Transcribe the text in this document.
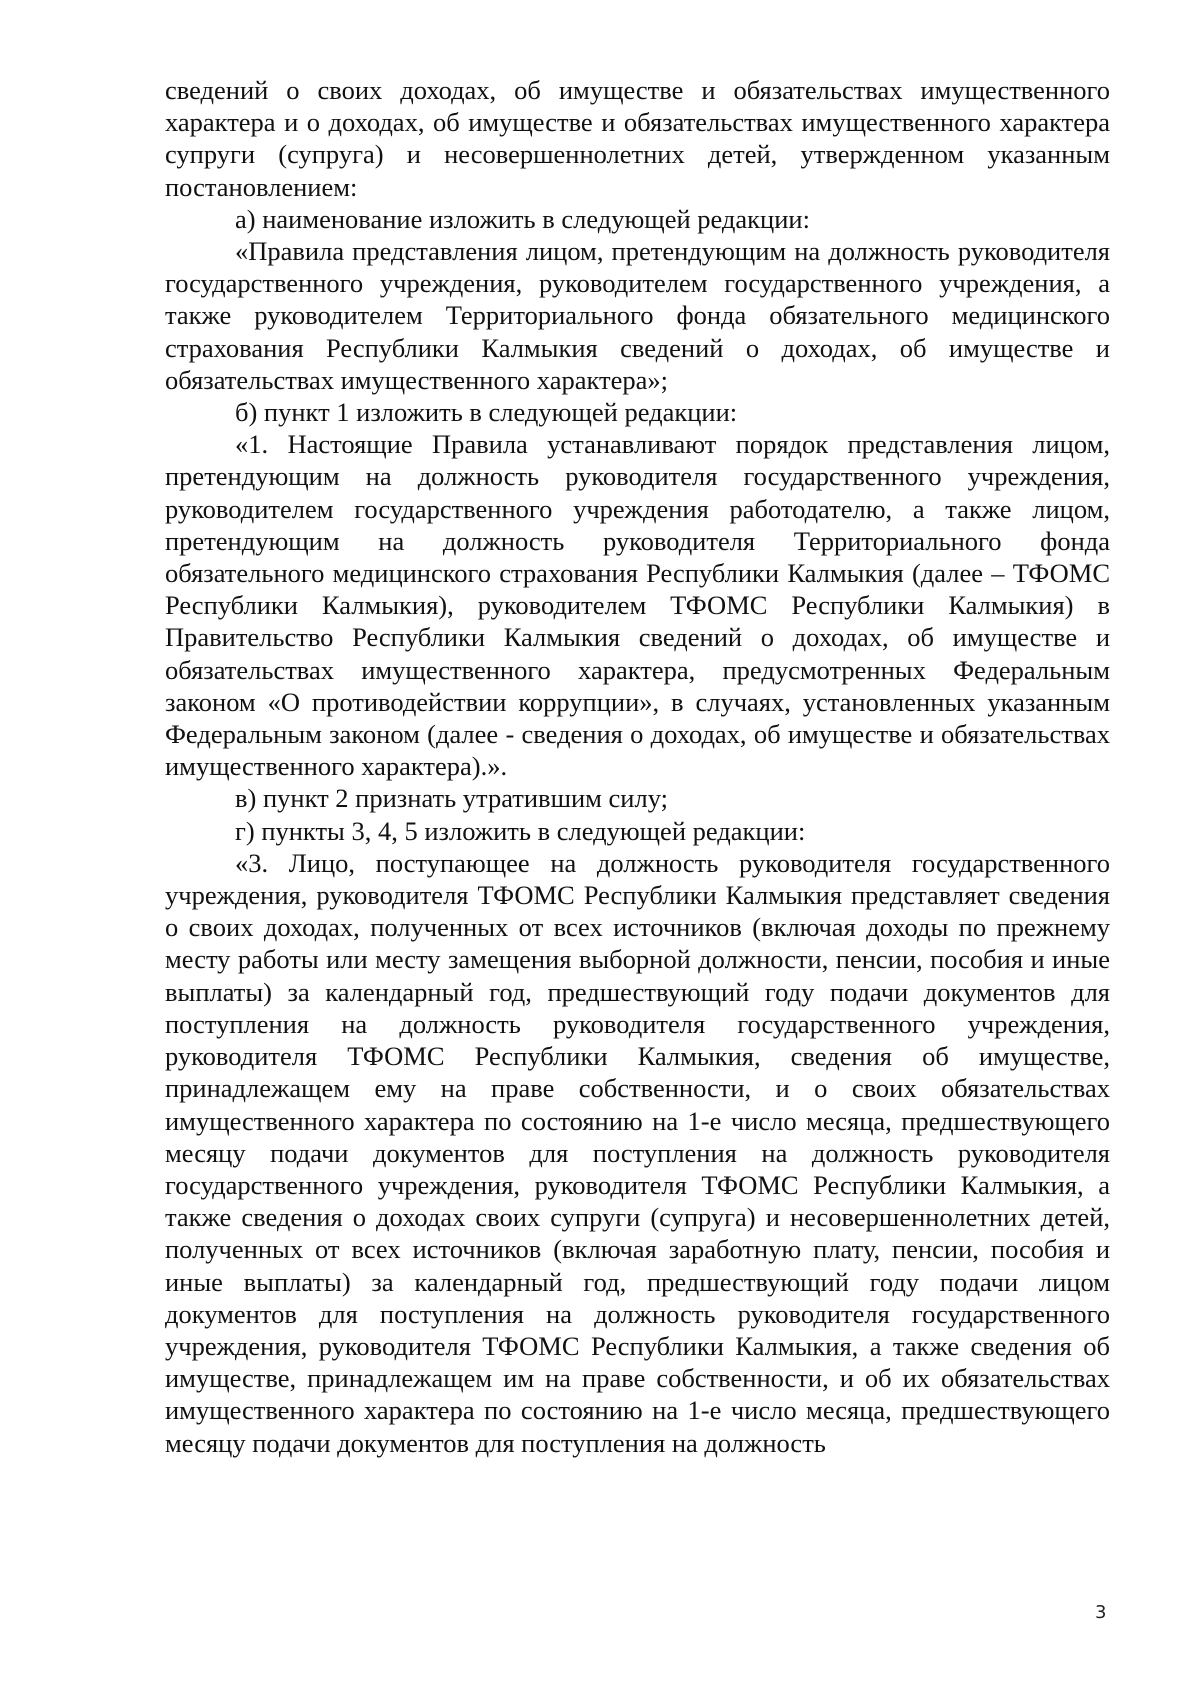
сведений о своих доходах, об имуществе и обязательствах имущественного характера и о доходах, об имуществе и обязательствах имущественного характера супруги (супруга) и несовершеннолетних детей, утвержденном указанным постановлением:

а) наименование изложить в следующей редакции:

«Правила представления лицом, претендующим на должность руководителя государственного учреждения, руководителем государственного учреждения, а также руководителем Территориального фонда обязательного медицинского страхования Республики Калмыкия сведений о доходах, об имуществе и обязательствах имущественного характера»;

б) пункт 1 изложить в следующей редакции:

«1. Настоящие Правила устанавливают порядок представления лицом, претендующим на должность руководителя государственного учреждения, руководителем государственного учреждения работодателю, а также лицом, претендующим на должность руководителя Территориального фонда обязательного медицинского страхования Республики Калмыкия (далее – ТФОМС Республики Калмыкия), руководителем ТФОМС Республики Калмыкия) в Правительство Республики Калмыкия сведений о доходах, об имуществе и обязательствах имущественного характера, предусмотренных Федеральным законом «О противодействии коррупции», в случаях, установленных указанным Федеральным законом (далее - сведения о доходах, об имуществе и обязательствах имущественного характера).».

в) пункт 2 признать утратившим силу;

г) пункты 3, 4, 5 изложить в следующей редакции:

«3. Лицо, поступающее на должность руководителя государственного учреждения, руководителя ТФОМС Республики Калмыкия представляет сведения о своих доходах, полученных от всех источников (включая доходы по прежнему месту работы или месту замещения выборной должности, пенсии, пособия и иные выплаты) за календарный год, предшествующий году подачи документов для поступления на должность руководителя государственного учреждения, руководителя ТФОМС Республики Калмыкия, сведения об имуществе, принадлежащем ему на праве собственности, и о своих обязательствах имущественного характера по состоянию на 1-е число месяца, предшествующего месяцу подачи документов для поступления на должность руководителя государственного учреждения, руководителя ТФОМС Республики Калмыкия, а также сведения о доходах своих супруги (супруга) и несовершеннолетних детей, полученных от всех источников (включая заработную плату, пенсии, пособия и иные выплаты) за календарный год, предшествующий году подачи лицом документов для поступления на должность руководителя государственного учреждения, руководителя ТФОМС Республики Калмыкия, а также сведения об имуществе, принадлежащем им на праве собственности, и об их обязательствах имущественного характера по состоянию на 1-е число месяца, предшествующего месяцу подачи документов для поступления на должность

3
